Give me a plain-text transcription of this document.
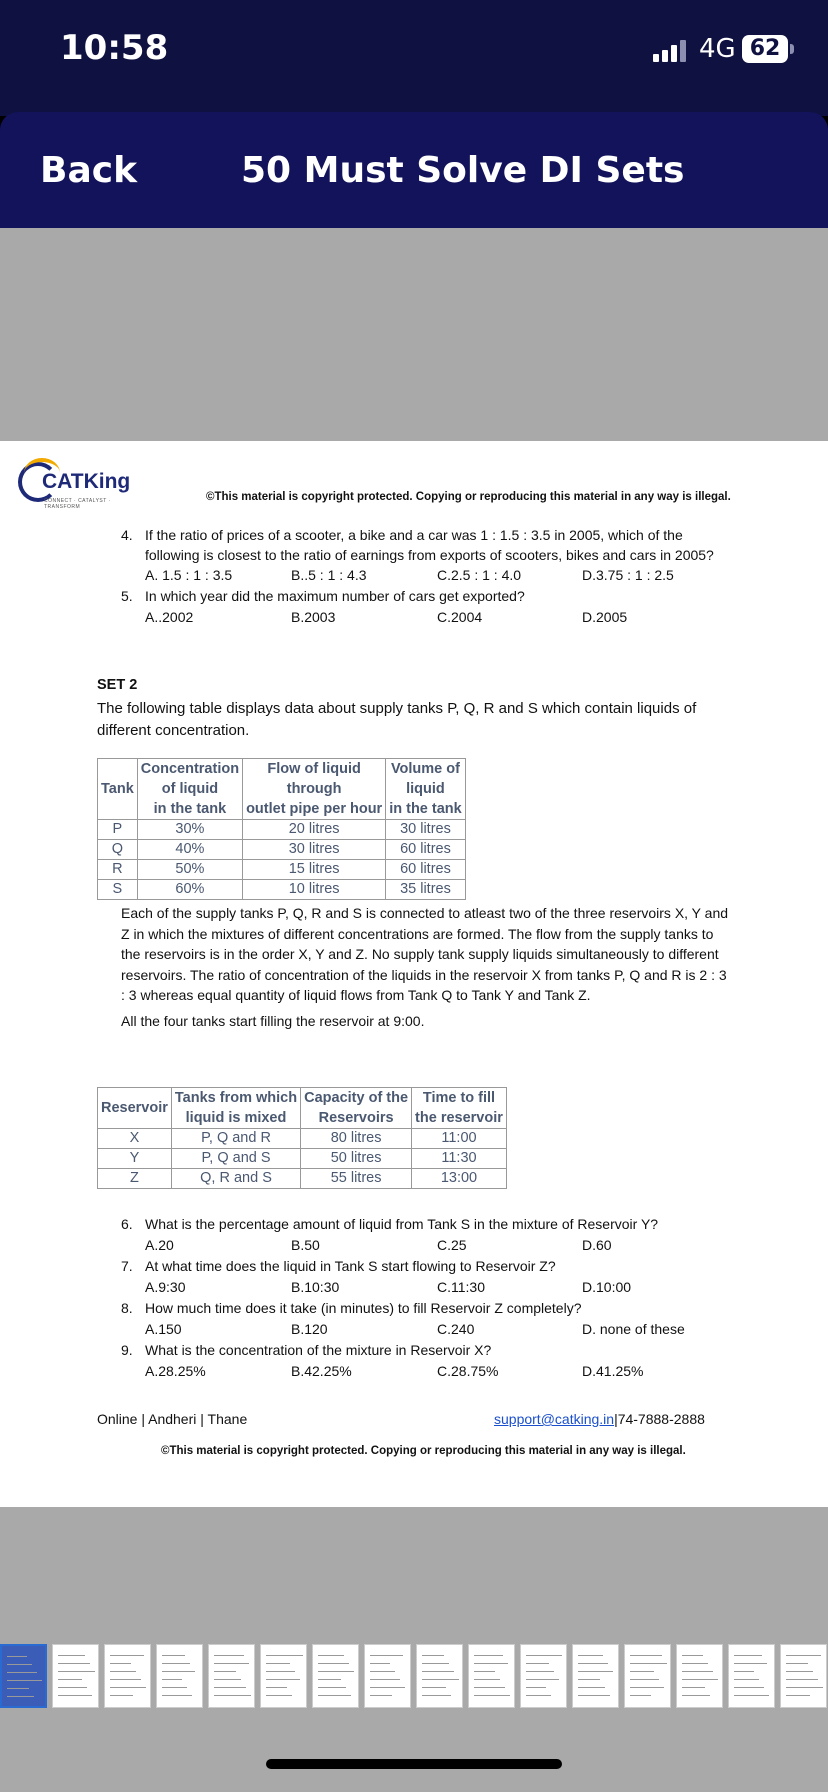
10:58	4G 62
Back	50 Must Solve DI Sets
CATKing
CONNECT · CATALYST · TRANSFORM
©This material is copyright protected. Copying or reproducing this material in any way is illegal.
4. If the ratio of prices of a scooter, a bike and a car was 1 : 1.5 : 3.5 in 2005, which of the following is closest to the ratio of earnings from exports of scooters, bikes and cars in 2005?
A. 1.5 : 1 : 3.5	B..5 : 1 : 4.3	C.2.5 : 1 : 4.0	D.3.75 : 1 : 2.5
5. In which year did the maximum number of cars get exported?
A..2002	B.2003	C.2004	D.2005
SET 2
The following table displays data about supply tanks P, Q, R and S which contain liquids of different concentration.
	Concentration	Flow of liquid	Volume of
Tank	of liquid	through	liquid
	in the tank	outlet pipe per hour	in the tank
P	30%	20 litres	30 litres
Q	40%	30 litres	60 litres
R	50%	15 litres	60 litres
S	60%	10 litres	35 litres
Each of the supply tanks P, Q, R and S is connected to atleast two of the three reservoirs X, Y and Z in which the mixtures of different concentrations are formed. The flow from the supply tanks to the reservoirs is in the order X, Y and Z. No supply tank supply liquids simultaneously to different reservoirs. The ratio of concentration of the liquids in the reservoir X from tanks P, Q and R is 2 : 3 : 3 whereas equal quantity of liquid flows from Tank Q to Tank Y and Tank Z.
All the four tanks start filling the reservoir at 9:00.
Reservoir	Tanks from which	Capacity of the	Time to fill
	liquid is mixed	Reservoirs	the reservoir
X	P, Q and R	80 litres	11:00
Y	P, Q and S	50 litres	11:30
Z	Q, R and S	55 litres	13:00
6. What is the percentage amount of liquid from Tank S in the mixture of Reservoir Y?
A.20	B.50	C.25	D.60
7. At what time does the liquid in Tank S start flowing to Reservoir Z?
A.9:30	B.10:30	C.11:30	D.10:00
8. How much time does it take (in minutes) to fill Reservoir Z completely?
A.150	B.120	C.240	D. none of these
9. What is the concentration of the mixture in Reservoir X?
A.28.25%	B.42.25%	C.28.75%	D.41.25%
Online | Andheri | Thane	support@catking.in|74-7888-2888
©This material is copyright protected. Copying or reproducing this material in any way is illegal.
